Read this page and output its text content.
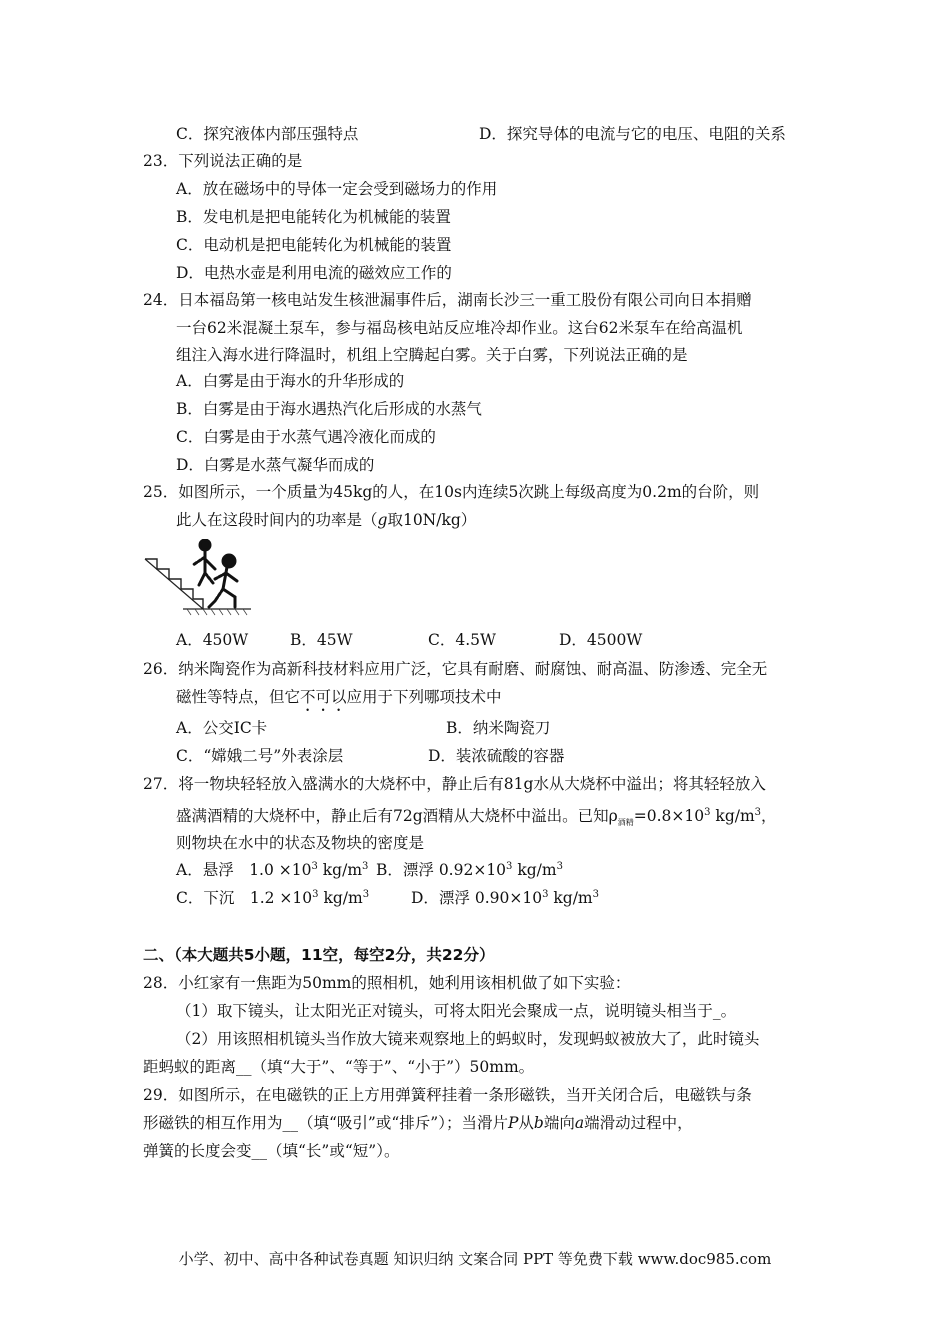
C．探究液体内部压强特点	D．探究导体的电流与它的电压、电阻的关系
23．下列说法正确的是
A．放在磁场中的导体一定会受到磁场力的作用
B．发电机是把电能转化为机械能的装置
C．电动机是把电能转化为机械能的装置
D．电热水壶是利用电流的磁效应工作的
24．日本福岛第一核电站发生核泄漏事件后，湖南长沙三一重工股份有限公司向日本捐赠
一台62米混凝土泵车，参与福岛核电站反应堆冷却作业。这台62米泵车在给高温机
组注入海水进行降温时，机组上空腾起白雾。关于白雾，下列说法正确的是
A．白雾是由于海水的升华形成的
B．白雾是由于海水遇热汽化后形成的水蒸气
C．白雾是由于水蒸气遇冷液化而成的
D．白雾是水蒸气凝华而成的
25．如图所示，一个质量为45kg的人，在10s内连续5次跳上每级高度为0.2m的台阶，则
此人在这段时间内的功率是（g取10N/kg）
A．450W	B．45W	C．4.5W	D．4500W
26．纳米陶瓷作为高新科技材料应用广泛，它具有耐磨、耐腐蚀、耐高温、防渗透、完全无
磁性等特点，但它不可以应用于下列哪项技术中
A．公交IC卡	B．纳米陶瓷刀
C．“嫦娥二号”外表涂层	D．装浓硫酸的容器
27．将一物块轻轻放入盛满水的大烧杯中，静止后有81g水从大烧杯中溢出；将其轻轻放入
盛满酒精的大烧杯中，静止后有72g酒精从大烧杯中溢出。已知$\rho_{酒精}=0.8\times 10^3$ $kg/m^3$，
则物块在水中的状态及物块的密度是
A．悬浮　$1.0 \times 10^3$ $kg/m^3$ B．漂浮 $0.92\times 10^3$ $kg/m^3$
C．下沉　$1.2 \times 10^3$ $kg/m^3$	D．漂浮 $0.90\times 10^3$ $kg/m^3$
二、（本大题共5小题，11空，每空2分，共22分）
28．小红家有一焦距为50mm的照相机，她利用该相机做了如下实验：
（1）取下镜头，让太阳光正对镜头，可将太阳光会聚成一点，说明镜头相当于_。
（2）用该照相机镜头当作放大镜来观察地上的蚂蚁时，发现蚂蚁被放大了，此时镜头
距蚂蚁的距离__（填“大于”、“等于”、“小于”）50mm。
29．如图所示，在电磁铁的正上方用弹簧秤挂着一条形磁铁，当开关闭合后，电磁铁与条
形磁铁的相互作用为__（填“吸引”或“排斥”）；当滑片P从b端向a端滑动过程中，
弹簧的长度会变__（填“长”或“短”）。
小学、初中、高中各种试卷真题 知识归纳 文案合同 PPT 等免费下载 www.doc985.com
